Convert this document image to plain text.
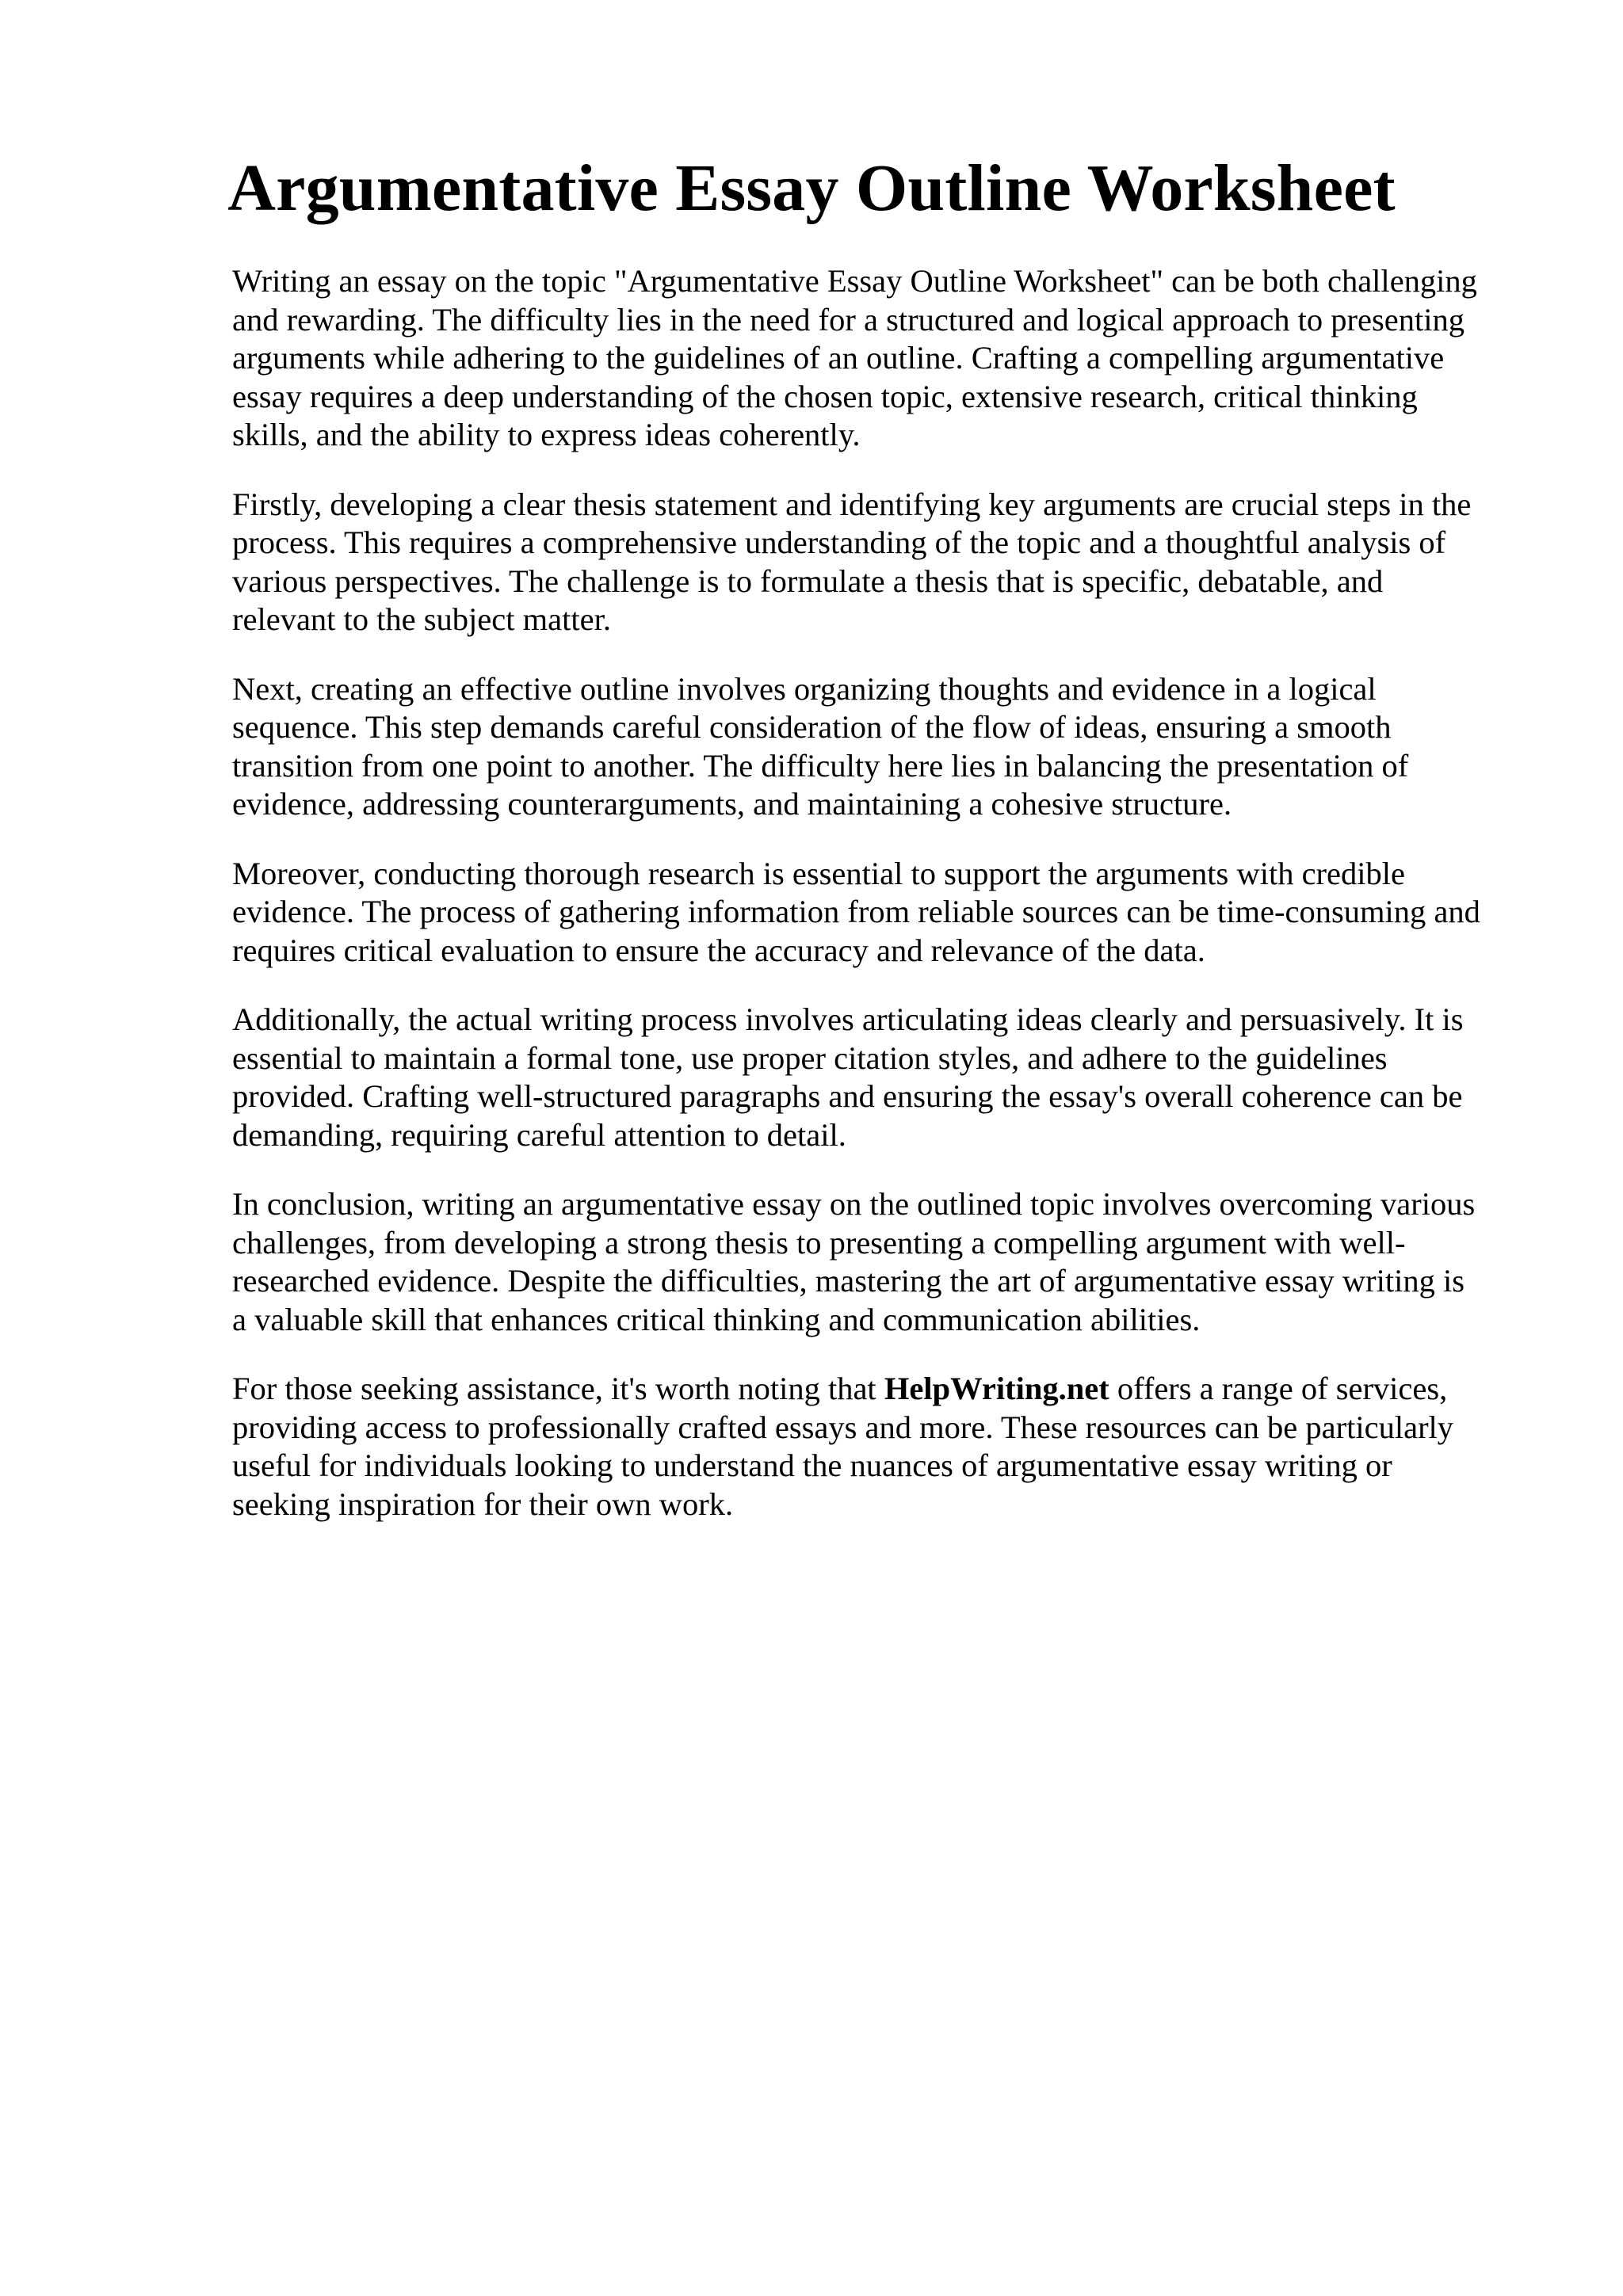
Argumentative Essay Outline Worksheet

Writing an essay on the topic "Argumentative Essay Outline Worksheet" can be both challenging
and rewarding. The difficulty lies in the need for a structured and logical approach to presenting
arguments while adhering to the guidelines of an outline. Crafting a compelling argumentative
essay requires a deep understanding of the chosen topic, extensive research, critical thinking
skills, and the ability to express ideas coherently.

Firstly, developing a clear thesis statement and identifying key arguments are crucial steps in the
process. This requires a comprehensive understanding of the topic and a thoughtful analysis of
various perspectives. The challenge is to formulate a thesis that is specific, debatable, and
relevant to the subject matter.

Next, creating an effective outline involves organizing thoughts and evidence in a logical
sequence. This step demands careful consideration of the flow of ideas, ensuring a smooth
transition from one point to another. The difficulty here lies in balancing the presentation of
evidence, addressing counterarguments, and maintaining a cohesive structure.

Moreover, conducting thorough research is essential to support the arguments with credible
evidence. The process of gathering information from reliable sources can be time-consuming and
requires critical evaluation to ensure the accuracy and relevance of the data.

Additionally, the actual writing process involves articulating ideas clearly and persuasively. It is
essential to maintain a formal tone, use proper citation styles, and adhere to the guidelines
provided. Crafting well-structured paragraphs and ensuring the essay's overall coherence can be
demanding, requiring careful attention to detail.

In conclusion, writing an argumentative essay on the outlined topic involves overcoming various
challenges, from developing a strong thesis to presenting a compelling argument with well-
researched evidence. Despite the difficulties, mastering the art of argumentative essay writing is
a valuable skill that enhances critical thinking and communication abilities.

For those seeking assistance, it's worth noting that HelpWriting.net offers a range of services,
providing access to professionally crafted essays and more. These resources can be particularly
useful for individuals looking to understand the nuances of argumentative essay writing or
seeking inspiration for their own work.
